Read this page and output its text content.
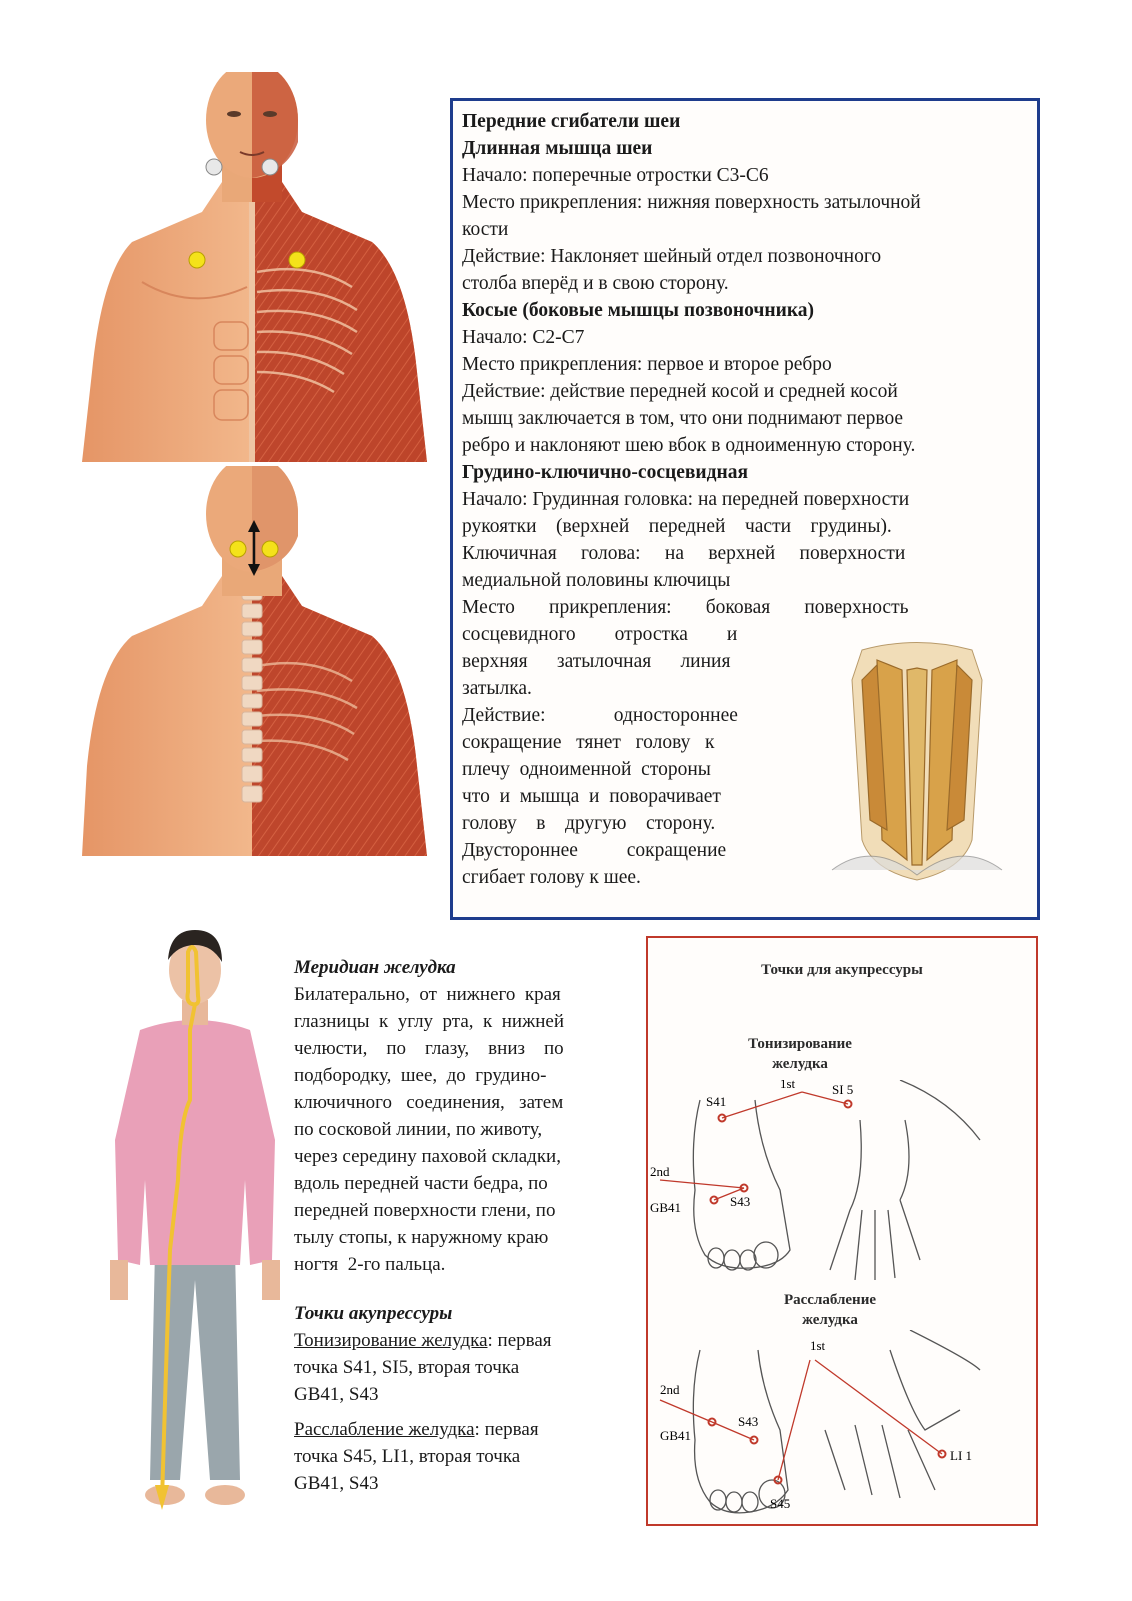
Передние сгибатели шеи
Длинная мышца шеи
Начало: поперечные отростки С3-С6
Место прикрепления: нижняя поверхность затылочной
кости
Действие: Наклоняет шейный отдел позвоночного
столба вперёд и в свою сторону.
Косые (боковые мышцы позвоночника)
Начало: С2-С7
Место прикрепления: первое и второе ребро
Действие: действие передней косой и средней косой
мышц заключается в том, что они поднимают первое
ребро и наклоняют шею вбок в одноименную сторону.
Грудино-ключично-сосцевидная
Начало: Грудинная головка: на передней поверхности
рукоятки    (верхней    передней    части    грудины).
Ключичная     голова:     на     верхней     поверхности
медиальной половины ключицы
Место       прикрепления:       боковая       поверхность
сосцевидного        отростка        и
верхняя      затылочная      линия
затылка.
Действие:              одностороннее
сокращение   тянет   голову   к
плечу  одноименной  стороны
что  и  мышца  и  поворачивает
голову    в    другую    сторону.
Двустороннее          сокращение
сгибает голову к шее.
Меридиан желудка
Билатерально,  от  нижнего  края
глазницы  к  углу  рта,  к  нижней
челюсти,    по    глазу,    вниз    по
подбородку,  шее,  до  грудино-
ключичного   соединения,   затем
по сосковой линии, по животу,
через середину паховой складки,
вдоль передней части бедра, по
передней поверхности глени, по
тылу стопы, к наружному краю
ногтя  2-го пальца.
Точки акупрессуры
Тонизирование желудка: первая
точка S41, SI5, вторая точка
GB41, S43
Расслабление желудка: первая
точка S45, LI1, вторая точка
GB41, S43
Точки для акупрессуры
Тонизирование
желудка
Расслабление
желудка
S41
1st	SI 5
2nd
GB41	S43
1st
2nd
S43
GB41
LI 1
S45
